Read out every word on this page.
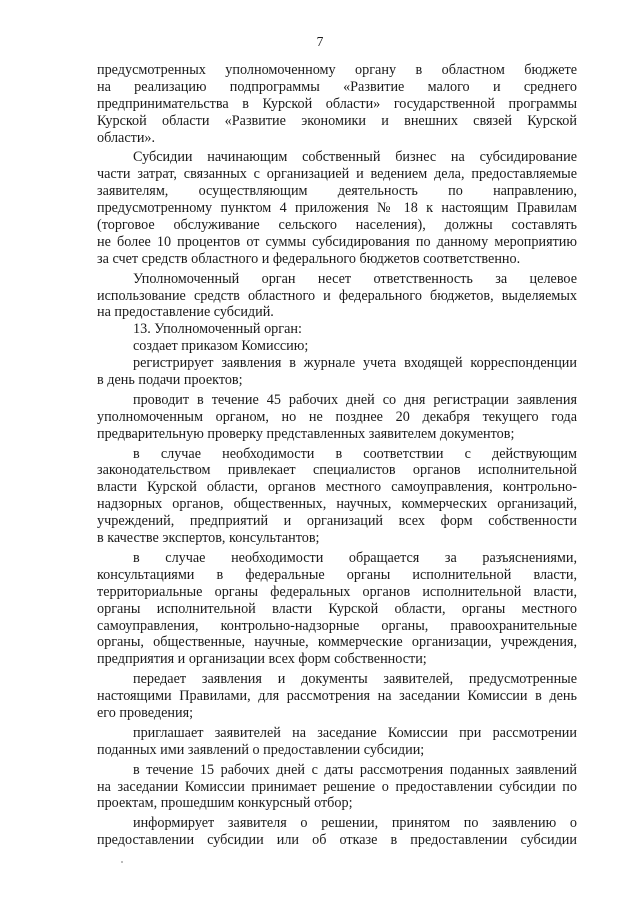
7
предусмотренных уполномоченному органу в областном бюджете
на реализацию подпрограммы «Развитие малого и среднего
предпринимательства в Курской области» государственной программы
Курской области «Развитие экономики и внешних связей Курской
области».
Субсидии начинающим собственный бизнес на субсидирование
части затрат, связанных с организацией и ведением дела, предоставляемые
заявителям, осуществляющим деятельность по направлению,
предусмотренному пунктом 4 приложения № 18 к настоящим Правилам
(торговое обслуживание сельского населения), должны составлять
не более 10 процентов от суммы субсидирования по данному мероприятию
за счет средств областного и федерального бюджетов соответственно.
Уполномоченный орган несет ответственность за целевое
использование средств областного и федерального бюджетов, выделяемых
на предоставление субсидий.
13. Уполномоченный орган:
создает приказом Комиссию;
регистрирует заявления в журнале учета входящей корреспонденции
в день подачи проектов;
проводит в течение 45 рабочих дней со дня регистрации заявления
уполномоченным органом, но не позднее 20 декабря текущего года
предварительную проверку представленных заявителем документов;
в случае необходимости в соответствии с действующим
законодательством привлекает специалистов органов исполнительной
власти Курской области, органов местного самоуправления, контрольно-
надзорных органов, общественных, научных, коммерческих организаций,
учреждений, предприятий и организаций всех форм собственности
в качестве экспертов, консультантов;
в случае необходимости обращается за разъяснениями,
консультациями в федеральные органы исполнительной власти,
территориальные органы федеральных органов исполнительной власти,
органы исполнительной власти Курской области, органы местного
самоуправления, контрольно-надзорные органы, правоохранительные
органы, общественные, научные, коммерческие организации, учреждения,
предприятия и организации всех форм собственности;
передает заявления и документы заявителей, предусмотренные
настоящими Правилами, для рассмотрения на заседании Комиссии в день
его проведения;
приглашает заявителей на заседание Комиссии при рассмотрении
поданных ими заявлений о предоставлении субсидии;
в течение 15 рабочих дней с даты рассмотрения поданных заявлений
на заседании Комиссии принимает решение о предоставлении субсидии по
проектам, прошедшим конкурсный отбор;
информирует заявителя о решении, принятом по заявлению о
предоставлении субсидии или об отказе в предоставлении субсидии
